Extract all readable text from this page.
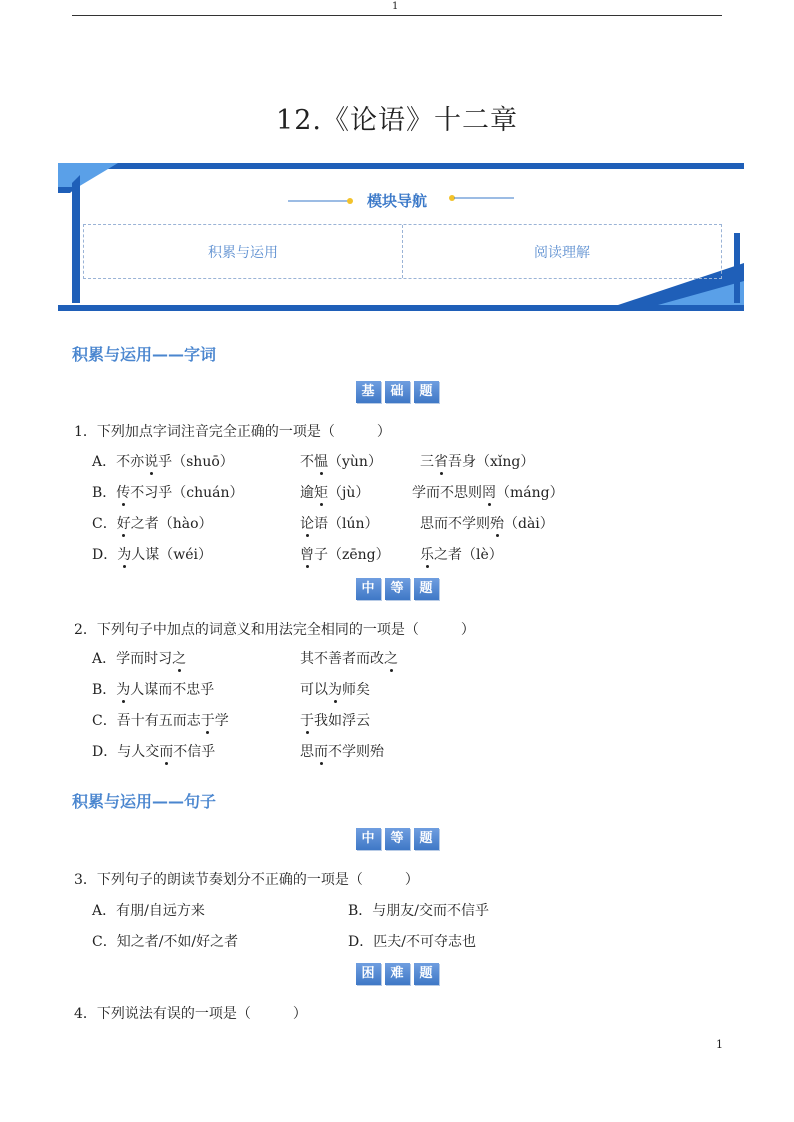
1
12.《论语》十二章
模块导航
积累与运用	阅读理解
积累与运用——字词
基	础	题
1．下列加点字词注音完全正确的一项是（　　　）
A．不亦说乎（shuō）	不愠（yùn）	三省吾身（xǐng）
B．传不习乎（chuán）	逾矩（jù）	学而不思则罔（máng）
C．好之者（hào）	论语（lún）	思而不学则殆（dài）
D．为人谋（wéi）	曾子（zēng） 乐之者（lè）
中	等	题
2．下列句子中加点的词意义和用法完全相同的一项是（　　　）
A．学而时习之	其不善者而改之
B．为人谋而不忠乎	可以为师矣
C．吾十有五而志于学	于我如浮云
D．与人交而不信乎	思而不学则殆
积累与运用——句子
中	等	题
3．下列句子的朗读节奏划分不正确的一项是（　　　）
A．有朋/自远方来	B．与朋友/交而不信乎
C．知之者/不如/好之者	D．匹夫/不可夺志也
困	难	题
4．下列说法有误的一项是（　　　）
1
